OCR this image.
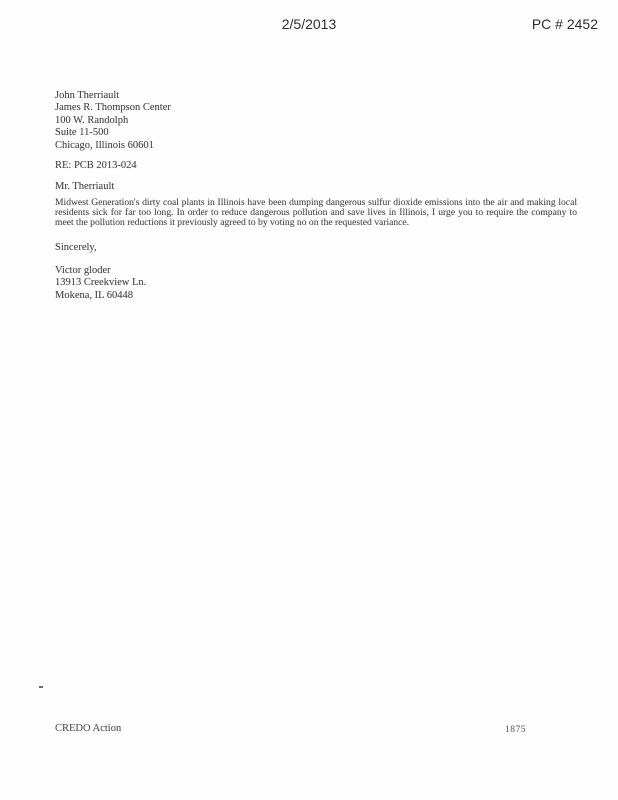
2/5/2013	PC # 2452
John Therriault
James R. Thompson Center
100 W. Randolph
Suite 11-500
Chicago, Illinois 60601
RE: PCB 2013-024
Mr. Therriault
Midwest Generation's dirty coal plants in Illinois have been dumping dangerous sulfur dioxide emissions into the air and making local residents sick for far too long. In order to reduce dangerous pollution and save lives in Illinois, I urge you to require the company to meet the pollution reductions it previously agreed to by voting no on the requested variance.
Sincerely,
Victor gloder
13913 Creekview Ln.
Mokena, IL 60448
CREDO Action	1875
